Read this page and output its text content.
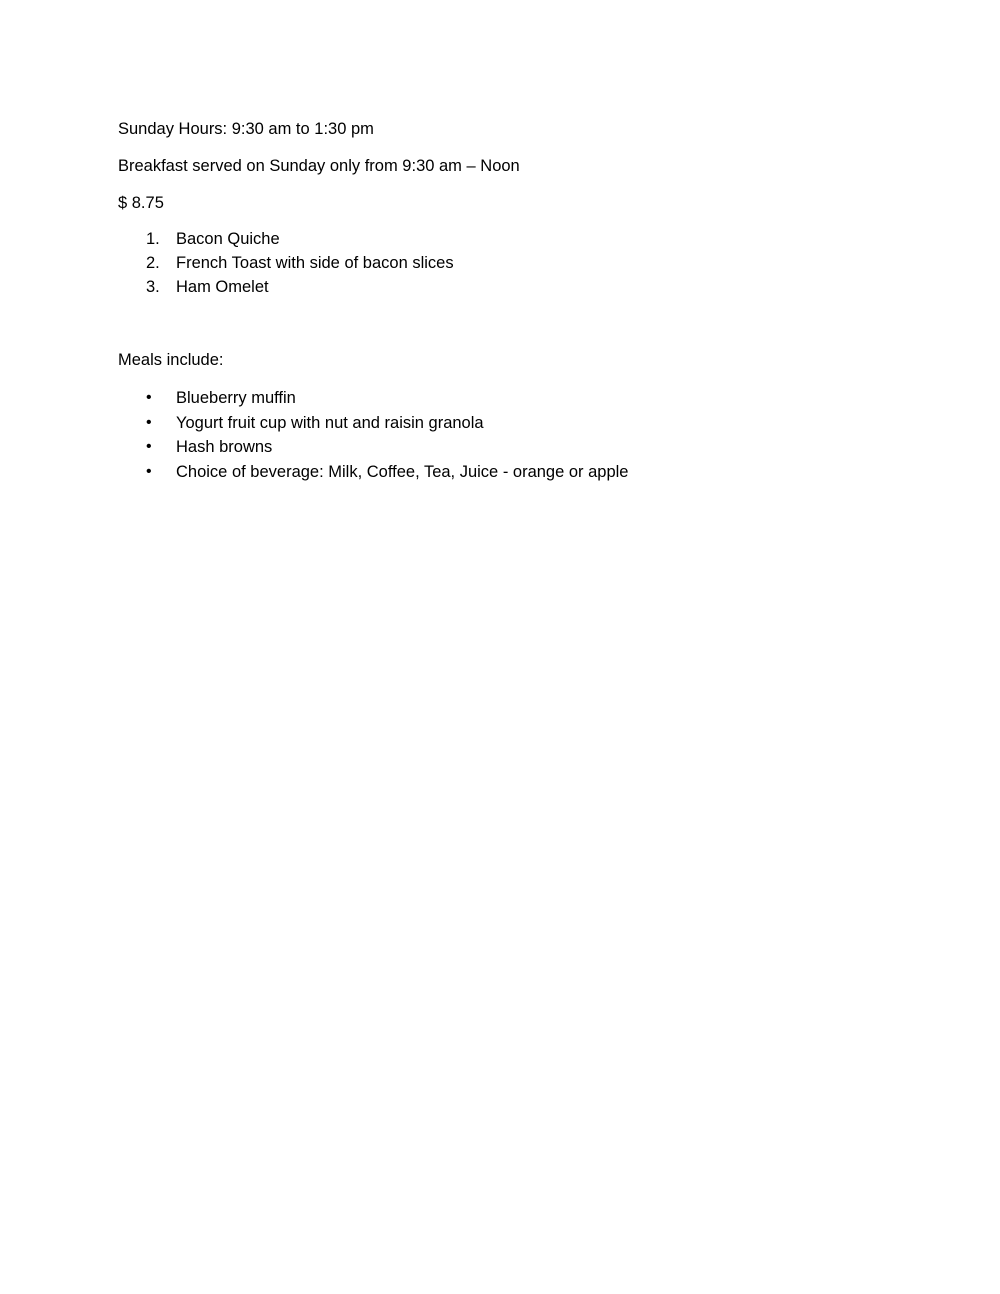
Sunday Hours: 9:30 am to 1:30 pm

Breakfast served on Sunday only from 9:30 am – Noon

$ 8.75

1. Bacon Quiche
2. French Toast with side of bacon slices
3. Ham Omelet

Meals include:

• Blueberry muffin
• Yogurt fruit cup with nut and raisin granola
• Hash browns
• Choice of beverage: Milk, Coffee, Tea, Juice - orange or apple
